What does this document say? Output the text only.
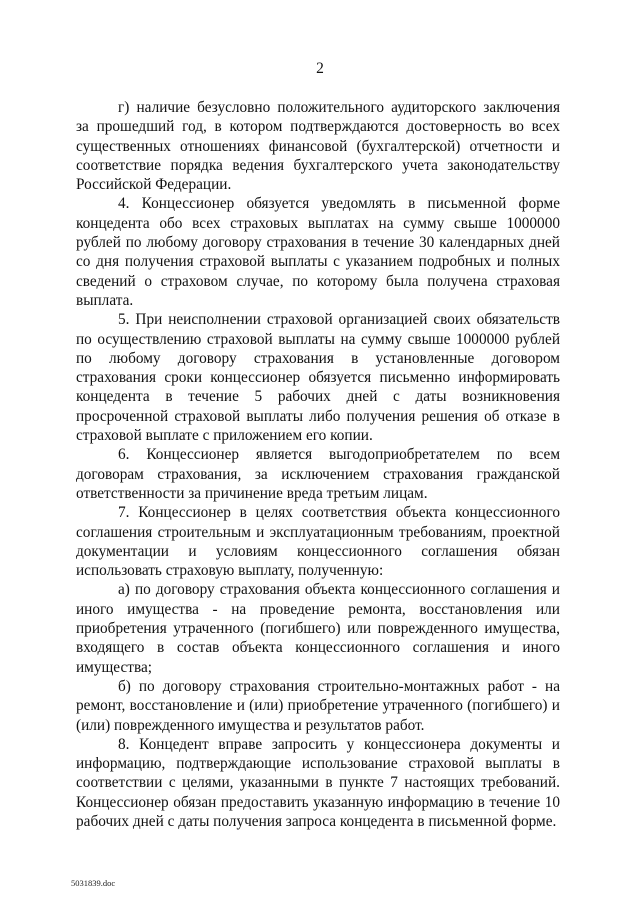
2

г) наличие безусловно положительного аудиторского заключения за прошедший год, в котором подтверждаются достоверность во всех существенных отношениях финансовой (бухгалтерской) отчетности и соответствие порядка ведения бухгалтерского учета законодательству Российской Федерации.

4. Концессионер обязуется уведомлять в письменной форме концедента обо всех страховых выплатах на сумму свыше 1000000 рублей по любому договору страхования в течение 30 календарных дней со дня получения страховой выплаты с указанием подробных и полных сведений о страховом случае, по которому была получена страховая выплата.

5. При неисполнении страховой организацией своих обязательств по осуществлению страховой выплаты на сумму свыше 1000000 рублей по любому договору страхования в установленные договором страхования сроки концессионер обязуется письменно информировать концедента в течение 5 рабочих дней с даты возникновения просроченной страховой выплаты либо получения решения об отказе в страховой выплате с приложением его копии.

6. Концессионер является выгодоприобретателем по всем договорам страхования, за исключением страхования гражданской ответственности за причинение вреда третьим лицам.

7. Концессионер в целях соответствия объекта концессионного соглашения строительным и эксплуатационным требованиям, проектной документации и условиям концессионного соглашения обязан использовать страховую выплату, полученную:

а) по договору страхования объекта концессионного соглашения и иного имущества - на проведение ремонта, восстановления или приобретения утраченного (погибшего) или поврежденного имущества, входящего в состав объекта концессионного соглашения и иного имущества;

б) по договору страхования строительно-монтажных работ - на ремонт, восстановление и (или) приобретение утраченного (погибшего) и (или) поврежденного имущества и результатов работ.

8. Концедент вправе запросить у концессионера документы и информацию, подтверждающие использование страховой выплаты в соответствии с целями, указанными в пункте 7 настоящих требований. Концессионер обязан предоставить указанную информацию в течение 10 рабочих дней с даты получения запроса концедента в письменной форме.

5031839.doc
